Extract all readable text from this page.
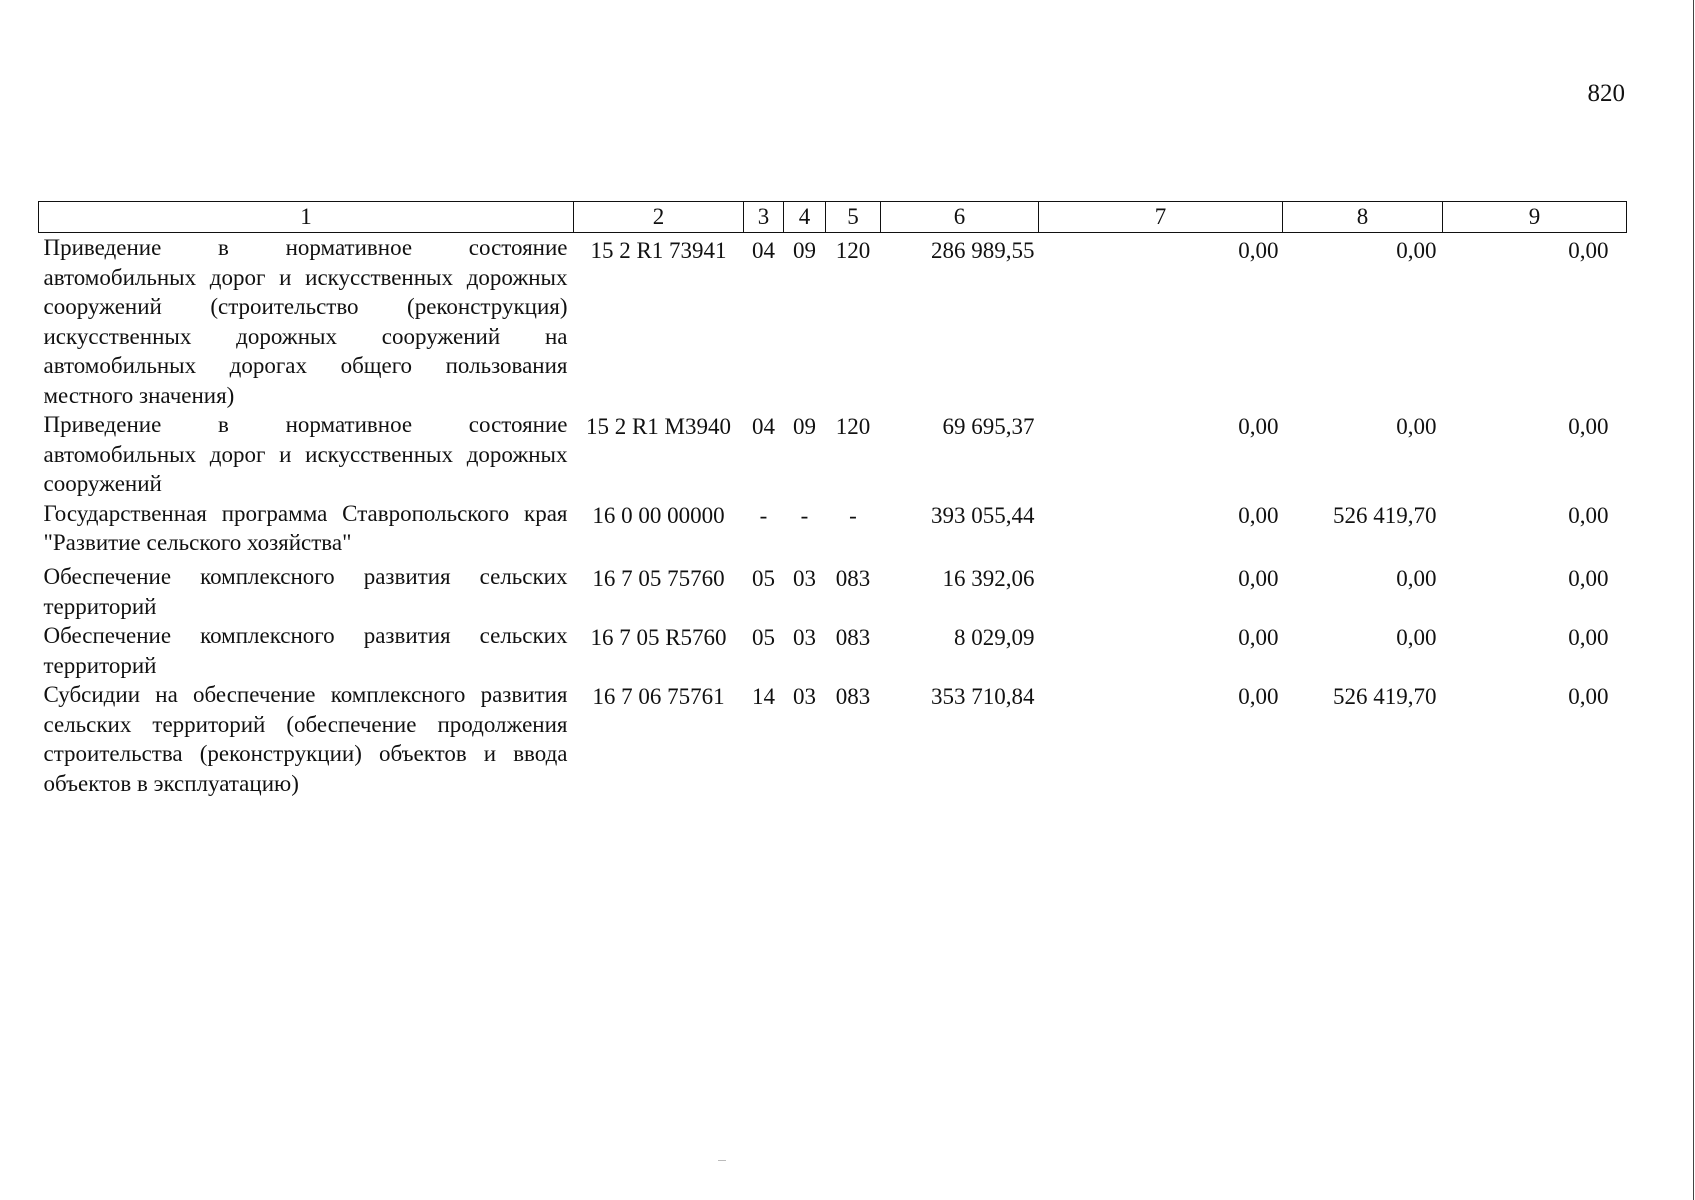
820
1	2	3	4	5	6	7	8	9
Приведение в нормативное состояние автомобильных дорог и искусственных дорожных сооружений (строительство (реконструкция) искусственных дорожных сооружений на автомобильных дорогах общего пользования местного значения)	15 2 R1 73941	04	09	120	286 989,55	0,00	0,00	0,00
Приведение в нормативное состояние автомобильных дорог и искусственных дорожных сооружений	15 2 R1 M3940	04	09	120	69 695,37	0,00	0,00	0,00
Государственная программа Ставропольского края "Развитие сельского хозяйства"	16 0 00 00000	-	-	-	393 055,44	0,00	526 419,70	0,00
Обеспечение комплексного развития сельских территорий	16 7 05 75760	05	03	083	16 392,06	0,00	0,00	0,00
Обеспечение комплексного развития сельских территорий	16 7 05 R5760	05	03	083	8 029,09	0,00	0,00	0,00
Субсидии на обеспечение комплексного развития сельских территорий (обеспечение продолжения строительства (реконструкции) объектов и ввода объектов в эксплуатацию)	16 7 06 75761	14	03	083	353 710,84	0,00	526 419,70	0,00
